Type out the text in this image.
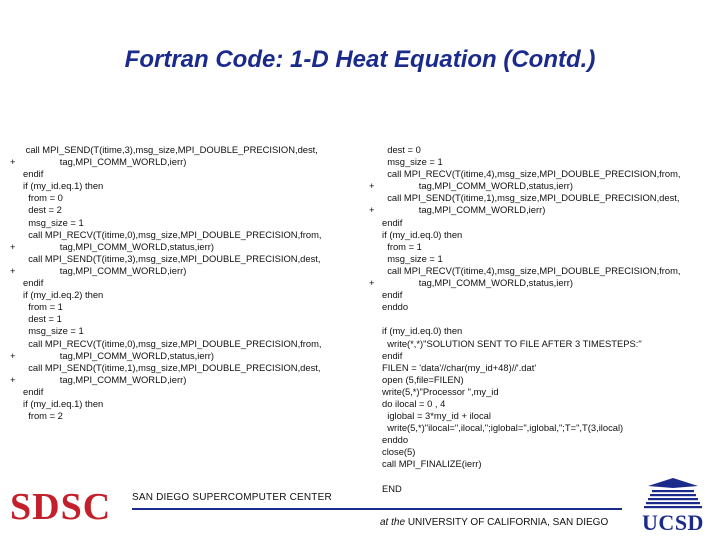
Fortran Code: 1-D Heat Equation (Contd.)
call MPI_SEND(T(itime,3),msg_size,MPI_DOUBLE_PRECISION,dest,
+                 tag,MPI_COMM_WORLD,ierr)
endif
if (my_id.eq.1) then
from = 0
dest = 2
msg_size = 1
call MPI_RECV(T(itime,0),msg_size,MPI_DOUBLE_PRECISION,from,
+                 tag,MPI_COMM_WORLD,status,ierr)
call MPI_SEND(T(itime,3),msg_size,MPI_DOUBLE_PRECISION,dest,
+                 tag,MPI_COMM_WORLD,ierr)
endif
if (my_id.eq.2) then
from = 1
dest = 1
msg_size = 1
call MPI_RECV(T(itime,0),msg_size,MPI_DOUBLE_PRECISION,from,
+                 tag,MPI_COMM_WORLD,status,ierr)
call MPI_SEND(T(itime,1),msg_size,MPI_DOUBLE_PRECISION,dest,
+                 tag,MPI_COMM_WORLD,ierr)
endif
if (my_id.eq.1) then
from = 2
dest = 0
msg_size = 1
call MPI_RECV(T(itime,4),msg_size,MPI_DOUBLE_PRECISION,from,
+                 tag,MPI_COMM_WORLD,status,ierr)
call MPI_SEND(T(itime,1),msg_size,MPI_DOUBLE_PRECISION,dest,
+                 tag,MPI_COMM_WORLD,ierr)
endif
if (my_id.eq.0) then
from = 1
msg_size = 1
call MPI_RECV(T(itime,4),msg_size,MPI_DOUBLE_PRECISION,from,
+                 tag,MPI_COMM_WORLD,status,ierr)
endif
enddo
if (my_id.eq.0) then
write(*,*)"SOLUTION SENT TO FILE AFTER 3 TIMESTEPS:"
endif
FILEN = 'data'//char(my_id+48)//'.dat'
open (5,file=FILEN)
write(5,*)"Processor ",my_id
do ilocal = 0 , 4
iglobal = 3*my_id + ilocal
write(5,*)"ilocal=",ilocal,";iglobal=",iglobal,";T=",T(3,ilocal)
enddo
close(5)
call MPI_FINALIZE(ierr)
END
SDSC SAN DIEGO SUPERCOMPUTER CENTER
at the UNIVERSITY OF CALIFORNIA, SAN DIEGO	UCSD
